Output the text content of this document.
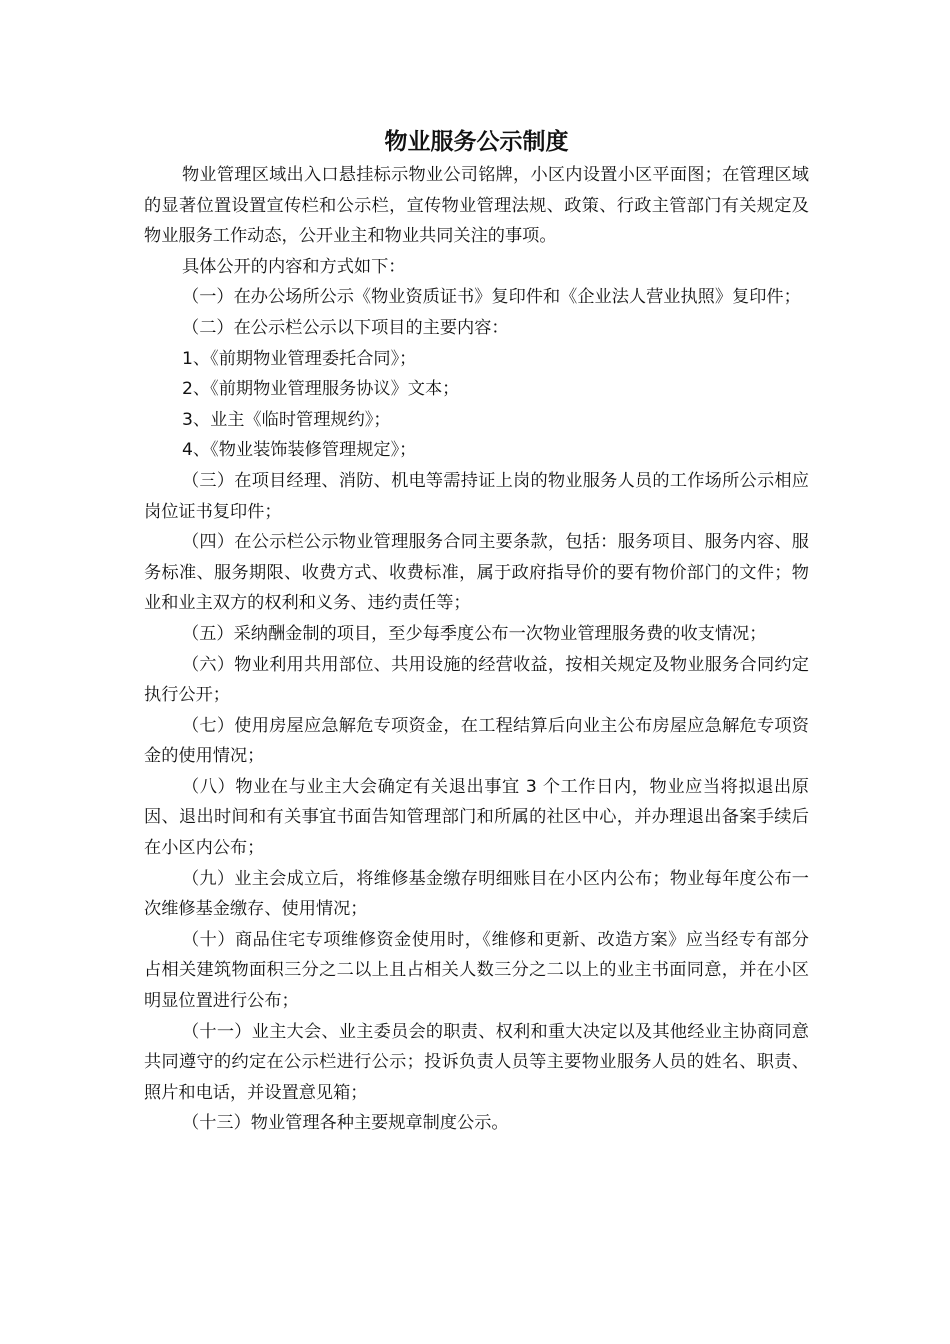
物业服务公示制度

物业管理区域出入口悬挂标示物业公司铭牌，小区内设置小区平面图；在管理区域的显著位置设置宣传栏和公示栏，宣传物业管理法规、政策、行政主管部门有关规定及物业服务工作动态，公开业主和物业共同关注的事项。

具体公开的内容和方式如下：

（一）在办公场所公示《物业资质证书》复印件和《企业法人营业执照》复印件；

（二）在公示栏公示以下项目的主要内容：

1、《前期物业管理委托合同》；

2、《前期物业管理服务协议》文本；

3、业主《临时管理规约》；

4、《物业装饰装修管理规定》；

（三）在项目经理、消防、机电等需持证上岗的物业服务人员的工作场所公示相应岗位证书复印件；

（四）在公示栏公示物业管理服务合同主要条款，包括：服务项目、服务内容、服务标准、服务期限、收费方式、收费标准，属于政府指导价的要有物价部门的文件；物业和业主双方的权利和义务、违约责任等；

（五）采纳酬金制的项目，至少每季度公布一次物业管理服务费的收支情况；

（六）物业利用共用部位、共用设施的经营收益，按相关规定及物业服务合同约定执行公开；

（七）使用房屋应急解危专项资金，在工程结算后向业主公布房屋应急解危专项资金的使用情况；

（八）物业在与业主大会确定有关退出事宜 3 个工作日内，物业应当将拟退出原因、退出时间和有关事宜书面告知管理部门和所属的社区中心，并办理退出备案手续后在小区内公布；

（九）业主会成立后，将维修基金缴存明细账目在小区内公布；物业每年度公布一次维修基金缴存、使用情况；

（十）商品住宅专项维修资金使用时，《维修和更新、改造方案》应当经专有部分占相关建筑物面积三分之二以上且占相关人数三分之二以上的业主书面同意，并在小区明显位置进行公布；

（十一）业主大会、业主委员会的职责、权利和重大决定以及其他经业主协商同意共同遵守的约定在公示栏进行公示；投诉负责人员等主要物业服务人员的姓名、职责、照片和电话，并设置意见箱；

（十三）物业管理各种主要规章制度公示。
